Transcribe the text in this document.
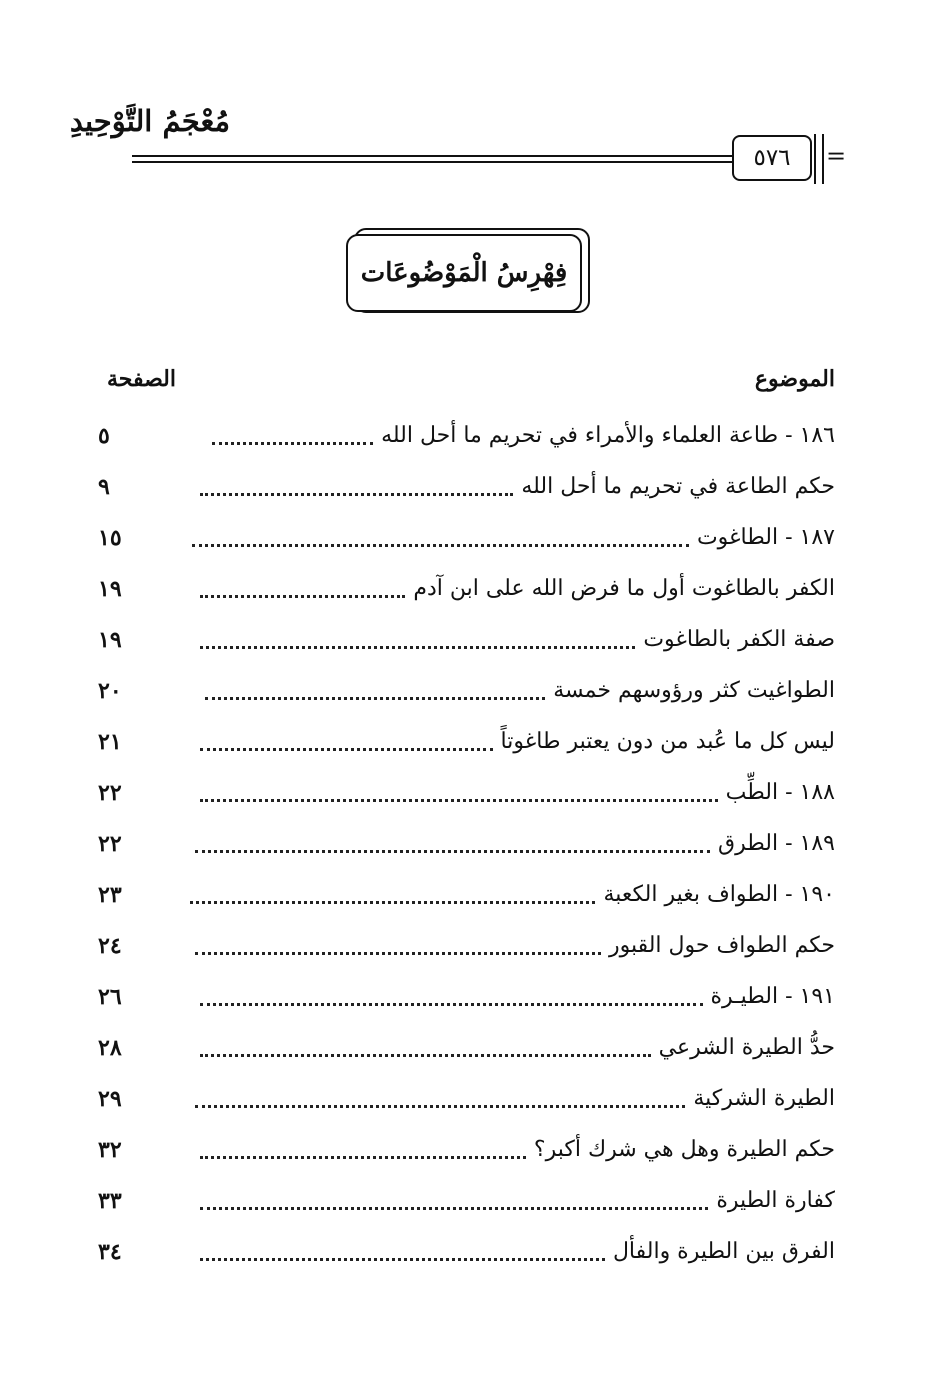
مُعْجَمُ التَّوْحِيدِ
٥٧٦ =
فِهْرِسُ الْمَوْضُوعَات
الموضوع
الصفحة
١٨٦ - طاعة العلماء والأمراء في تحريم ما أحل الله
٥
حكم الطاعة في تحريم ما أحل الله
٩
١٨٧ - الطاغوت
١٥
الكفر بالطاغوت أول ما فرض الله على ابن آدم
١٩
صفة الكفر بالطاغوت
١٩
الطواغيت كثر ورؤوسهم خمسة
٢٠
ليس كل ما عُبد من دون يعتبر طاغوتاً
٢١
١٨٨ - الطِّب
٢٢
١٨٩ - الطرق
٢٢
١٩٠ - الطواف بغير الكعبة
٢٣
حكم الطواف حول القبور
٢٤
١٩١ - الطيـرة
٢٦
حدُّ الطيرة الشرعي
٢٨
الطيرة الشركية
٢٩
حكم الطيرة وهل هي شرك أكبر؟
٣٢
كفارة الطيرة
٣٣
الفرق بين الطيرة والفأل
٣٤
